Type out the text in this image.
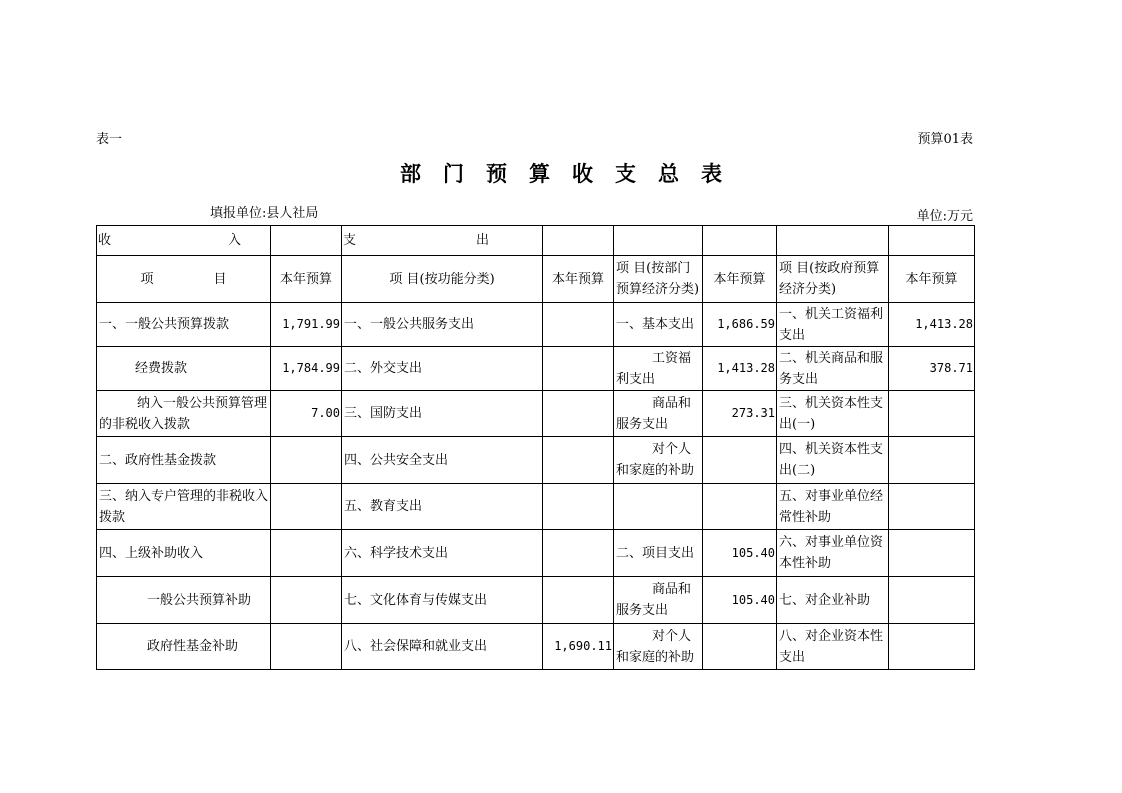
表一	预算01表
部门预算收支总表
填报单位:县人社局	单位:万元
收 入		支 出					

项 目	本年预算	项 目(按功能分类)	本年预算	项 目(按部门预算经济分类)	本年预算	项 目(按政府预算经济分类)	本年预算
一、一般公共预算拨款	1,791.99	一、一般公共服务支出		一、基本支出	1,686.59	一、机关工资福利支出	1,413.28
经费拨款	1,784.99	二、外交支出		工资福利支出	1,413.28	二、机关商品和服务支出	378.71
纳入一般公共预算管理的非税收入拨款	7.00	三、国防支出		商品和服务支出	273.31	三、机关资本性支出(一)	
二、政府性基金拨款		四、公共安全支出		对个人和家庭的补助		四、机关资本性支出(二)	
三、纳入专户管理的非税收入拨款		五、教育支出				五、对事业单位经常性补助	
四、上级补助收入		六、科学技术支出		二、项目支出	105.40	六、对事业单位资本性补助	
一般公共预算补助		七、文化体育与传媒支出		商品和服务支出	105.40	七、对企业补助	
政府性基金补助		八、社会保障和就业支出	1,690.11	对个人和家庭的补助		八、对企业资本性支出	
